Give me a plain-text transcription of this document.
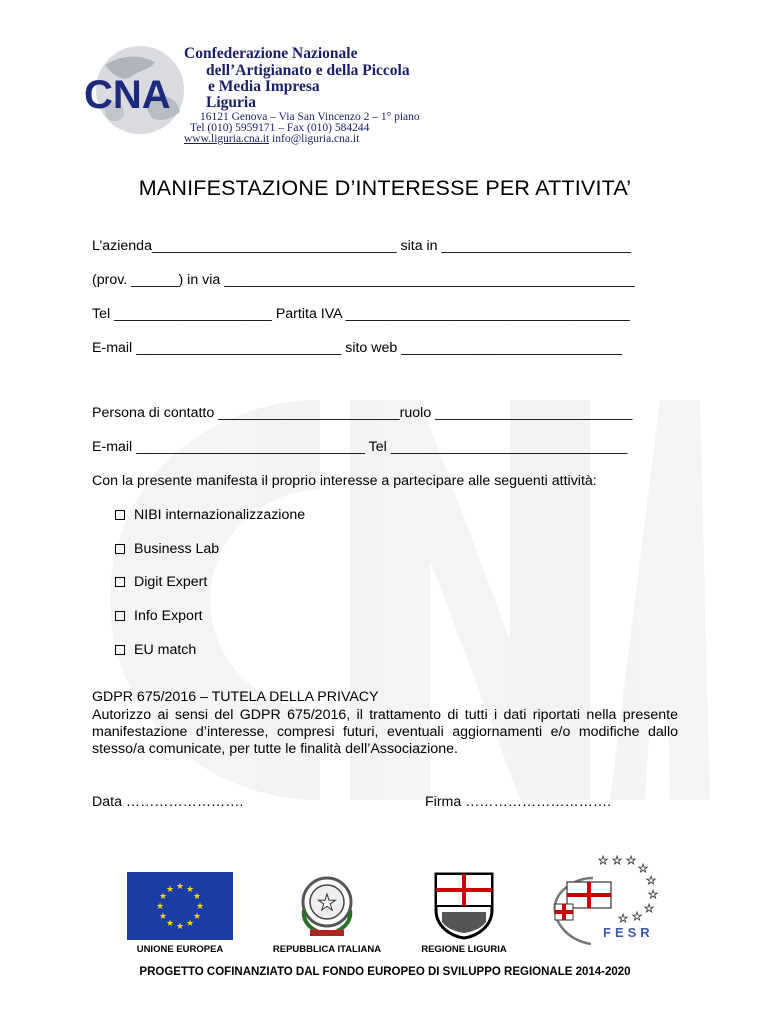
CNA
Confederazione Nazionale
dell’Artigianato e della Piccola
e Media Impresa
Liguria
16121 Genova – Via San Vincenzo 2 – 1° piano
Tel (010) 5959171 – Fax (010) 584244
www.liguria.cna.it info@liguria.cna.it
MANIFESTAZIONE D’INTERESSE PER ATTIVITA’
L’azienda_______________________________ sita in ________________________
(prov. ______) in via ____________________________________________________
Tel ____________________ Partita IVA ____________________________________
E-mail __________________________ sito web ____________________________
Persona di contatto _______________________ruolo _________________________
E-mail _____________________________ Tel ______________________________
Con la presente manifesta il proprio interesse a partecipare alle seguenti attività:
NIBI internazionalizzazione
Business Lab
Digit Expert
Info Export
EU match
GDPR 675/2016 – TUTELA DELLA PRIVACY
Autorizzo ai sensi del GDPR 675/2016, il trattamento di tutti i dati riportati nella presente manifestazione d’interesse, compresi futuri, eventuali aggiornamenti e/o modifiche dallo stesso/a comunicate, per tutte le finalità dell’Associazione.
Data …………………….	Firma ………………………….
★ ★
★
★
★
★
★
★
★
★
★
★
UNIONE EUROPEA
★
REPUBBLICA ITALIANA	REGIONE LIGURIA
★ ★ ★
★
★
★
★
★
★
FESR
PROGETTO COFINANZIATO DAL FONDO EUROPEO DI SVILUPPO REGIONALE 2014-2020
